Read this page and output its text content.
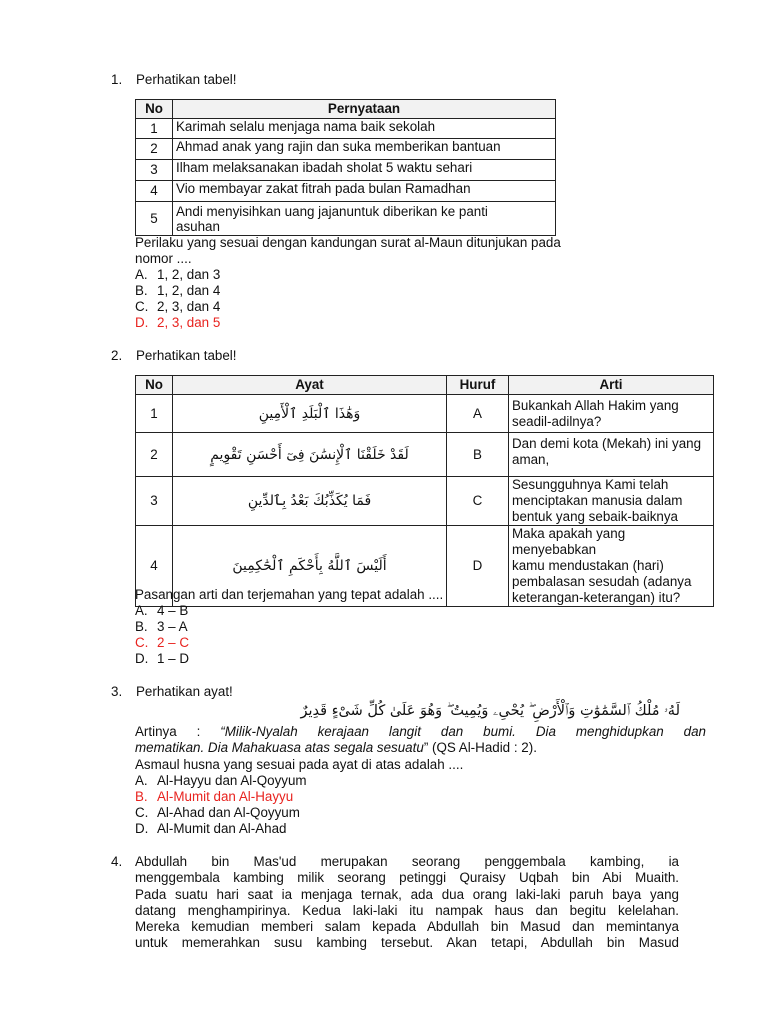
1. Perhatikan tabel!
No	Pernyataan
1	Karimah selalu menjaga nama baik sekolah
2	Ahmad anak yang rajin dan suka memberikan bantuan
3	Ilham melaksanakan ibadah sholat 5 waktu sehari
4	Vio membayar zakat fitrah pada bulan Ramadhan
5	Andi menyisihkan uang jajanuntuk diberikan ke panti
asuhan
Perilaku yang sesuai dengan kandungan surat al-Maun ditunjukan pada
nomor ....
A. 1, 2, dan 3
B. 1, 2, dan 4
C. 2, 3, dan 4
D. 2, 3, dan 5
2. Perhatikan tabel!
No	Ayat	Huruf	Arti
1	وَهَٰذَا ٱلْبَلَدِ ٱلْأَمِينِ	A	Bukankah Allah Hakim yang
seadil-adilnya?
2	لَقَدْ خَلَقْنَا ٱلْإِنسَٰنَ فِىٓ أَحْسَنِ تَقْوِيمٍ	B	Dan demi kota (Mekah) ini yang
aman,
3	فَمَا يُكَذِّبُكَ بَعْدُ بِٱلدِّينِ	C	Sesungguhnya Kami telah
menciptakan manusia dalam
bentuk yang sebaik-baiknya
4	أَلَيْسَ ٱللَّهُ بِأَحْكَمِ ٱلْحَٰكِمِينَ	D	Maka apakah yang menyebabkan
kamu mendustakan (hari)
pembalasan sesudah (adanya
keterangan-keterangan) itu?
Pasangan arti dan terjemahan yang tepat adalah ....
A. 4 – B
B. 3 – A
C. 2 – C
D. 1 – D
3. Perhatikan ayat!
لَهُۥ مُلْكُ ٱلسَّمَٰوَٰتِ وَٱلْأَرْضِ ۖ يُحْىِۦ وَيُمِيتُ ۖ وَهُوَ عَلَىٰ كُلِّ شَىْءٍ قَدِيرٌ
Artinya : “Milik-Nyalah kerajaan langit dan bumi. Dia menghidupkan dan
mematikan. Dia Mahakuasa atas segala sesuatu” (QS Al-Hadid : 2).
Asmaul husna yang sesuai pada ayat di atas adalah ....
A. Al-Hayyu dan Al-Qoyyum
B. Al-Mumit dan Al-Hayyu
C. Al-Ahad dan Al-Qoyyum
D. Al-Mumit dan Al-Ahad
4. Abdullah bin Mas'ud merupakan seorang penggembala kambing, ia
menggembala kambing milik seorang petinggi Quraisy Uqbah bin Abi Muaith.
Pada suatu hari saat ia menjaga ternak, ada dua orang laki-laki paruh baya yang
datang menghampirinya. Kedua laki-laki itu nampak haus dan begitu kelelahan.
Mereka kemudian memberi salam kepada Abdullah bin Masud dan memintanya
untuk memerahkan susu kambing tersebut. Akan tetapi, Abdullah bin Masud
